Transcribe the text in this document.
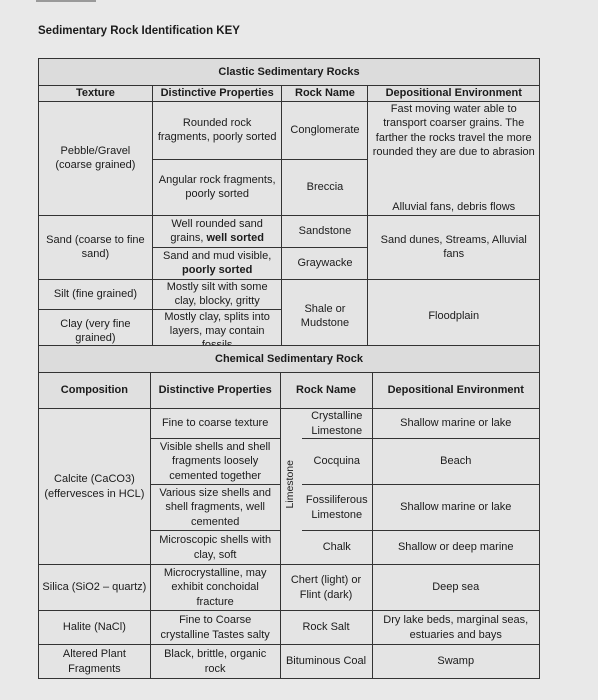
Sedimentary Rock Identification KEY
Clastic Sedimentary Rocks			
Texture	Distinctive Properties	Rock Name	Depositional Environment
Pebble/Gravel (coarse grained)	Rounded rock fragments, poorly sorted	Conglomerate	Fast moving water able to transport coarser grains. The farther the rocks travel the more rounded they are due to abrasion
	Angular rock fragments, poorly sorted	Breccia	Alluvial fans, debris flows
Sand (coarse to fine sand)	Well rounded sand grains, well sorted	Sandstone	Sand dunes, Streams, Alluvial fans
	Sand and mud visible, poorly sorted	Graywacke	
Silt (fine grained)	Mostly silt with some clay, blocky, gritty	Shale or Mudstone	Floodplain
Clay (very fine grained)	Mostly clay, splits into layers, may contain		
Chemical Sedimentary Rock				
Composition	Distinctive Properties	Rock Name		Depositional Environment
Calcite (CaCO3) (effervesces in HCL)	Fine to coarse texture	Limestone	Crystalline Limestone	Shallow marine or lake
	Visible shells and shell fragments loosely cemented together		Cocquina	Beach
	Various size shells and shell fragments, well cemented		Fossiliferous Limestone	Shallow marine or lake
	Microscopic shells with clay, soft		Chalk	Shallow or deep marine
Silica (SiO2 – quartz)	Microcrystalline, may exhibit conchoidal fracture	Chert (light) or Flint (dark)		Deep sea
Halite (NaCl)	Fine to Coarse crystalline Tastes salty	Rock Salt		Dry lake beds, marginal seas, estuaries and bays
Altered Plant Fragments	Black, brittle, organic rock	Bituminous Coal		Swamp
